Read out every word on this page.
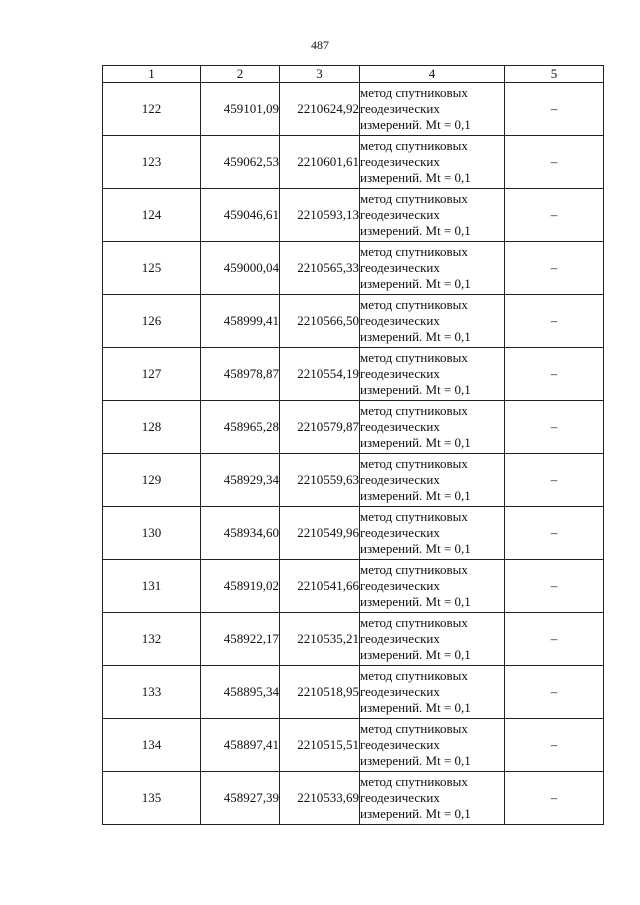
487
1	2	3	4	5
122	459101,09	2210624,92	метод спутниковых
геодезических
измерений. Mt = 0,1	–
123	459062,53	2210601,61	метод спутниковых
геодезических
измерений. Mt = 0,1	–
124	459046,61	2210593,13	метод спутниковых
геодезических
измерений. Mt = 0,1	–
125	459000,04	2210565,33	метод спутниковых
геодезических
измерений. Mt = 0,1	–
126	458999,41	2210566,50	метод спутниковых
геодезических
измерений. Mt = 0,1	–
127	458978,87	2210554,19	метод спутниковых
геодезических
измерений. Mt = 0,1	–
128	458965,28	2210579,87	метод спутниковых
геодезических
измерений. Mt = 0,1	–
129	458929,34	2210559,63	метод спутниковых
геодезических
измерений. Mt = 0,1	–
130	458934,60	2210549,96	метод спутниковых
геодезических
измерений. Mt = 0,1	–
131	458919,02	2210541,66	метод спутниковых
геодезических
измерений. Mt = 0,1	–
132	458922,17	2210535,21	метод спутниковых
геодезических
измерений. Mt = 0,1	–
133	458895,34	2210518,95	метод спутниковых
геодезических
измерений. Mt = 0,1	–
134	458897,41	2210515,51	метод спутниковых
геодезических
измерений. Mt = 0,1	–
135	458927,39	2210533,69	метод спутниковых
геодезических
измерений. Mt = 0,1	–
